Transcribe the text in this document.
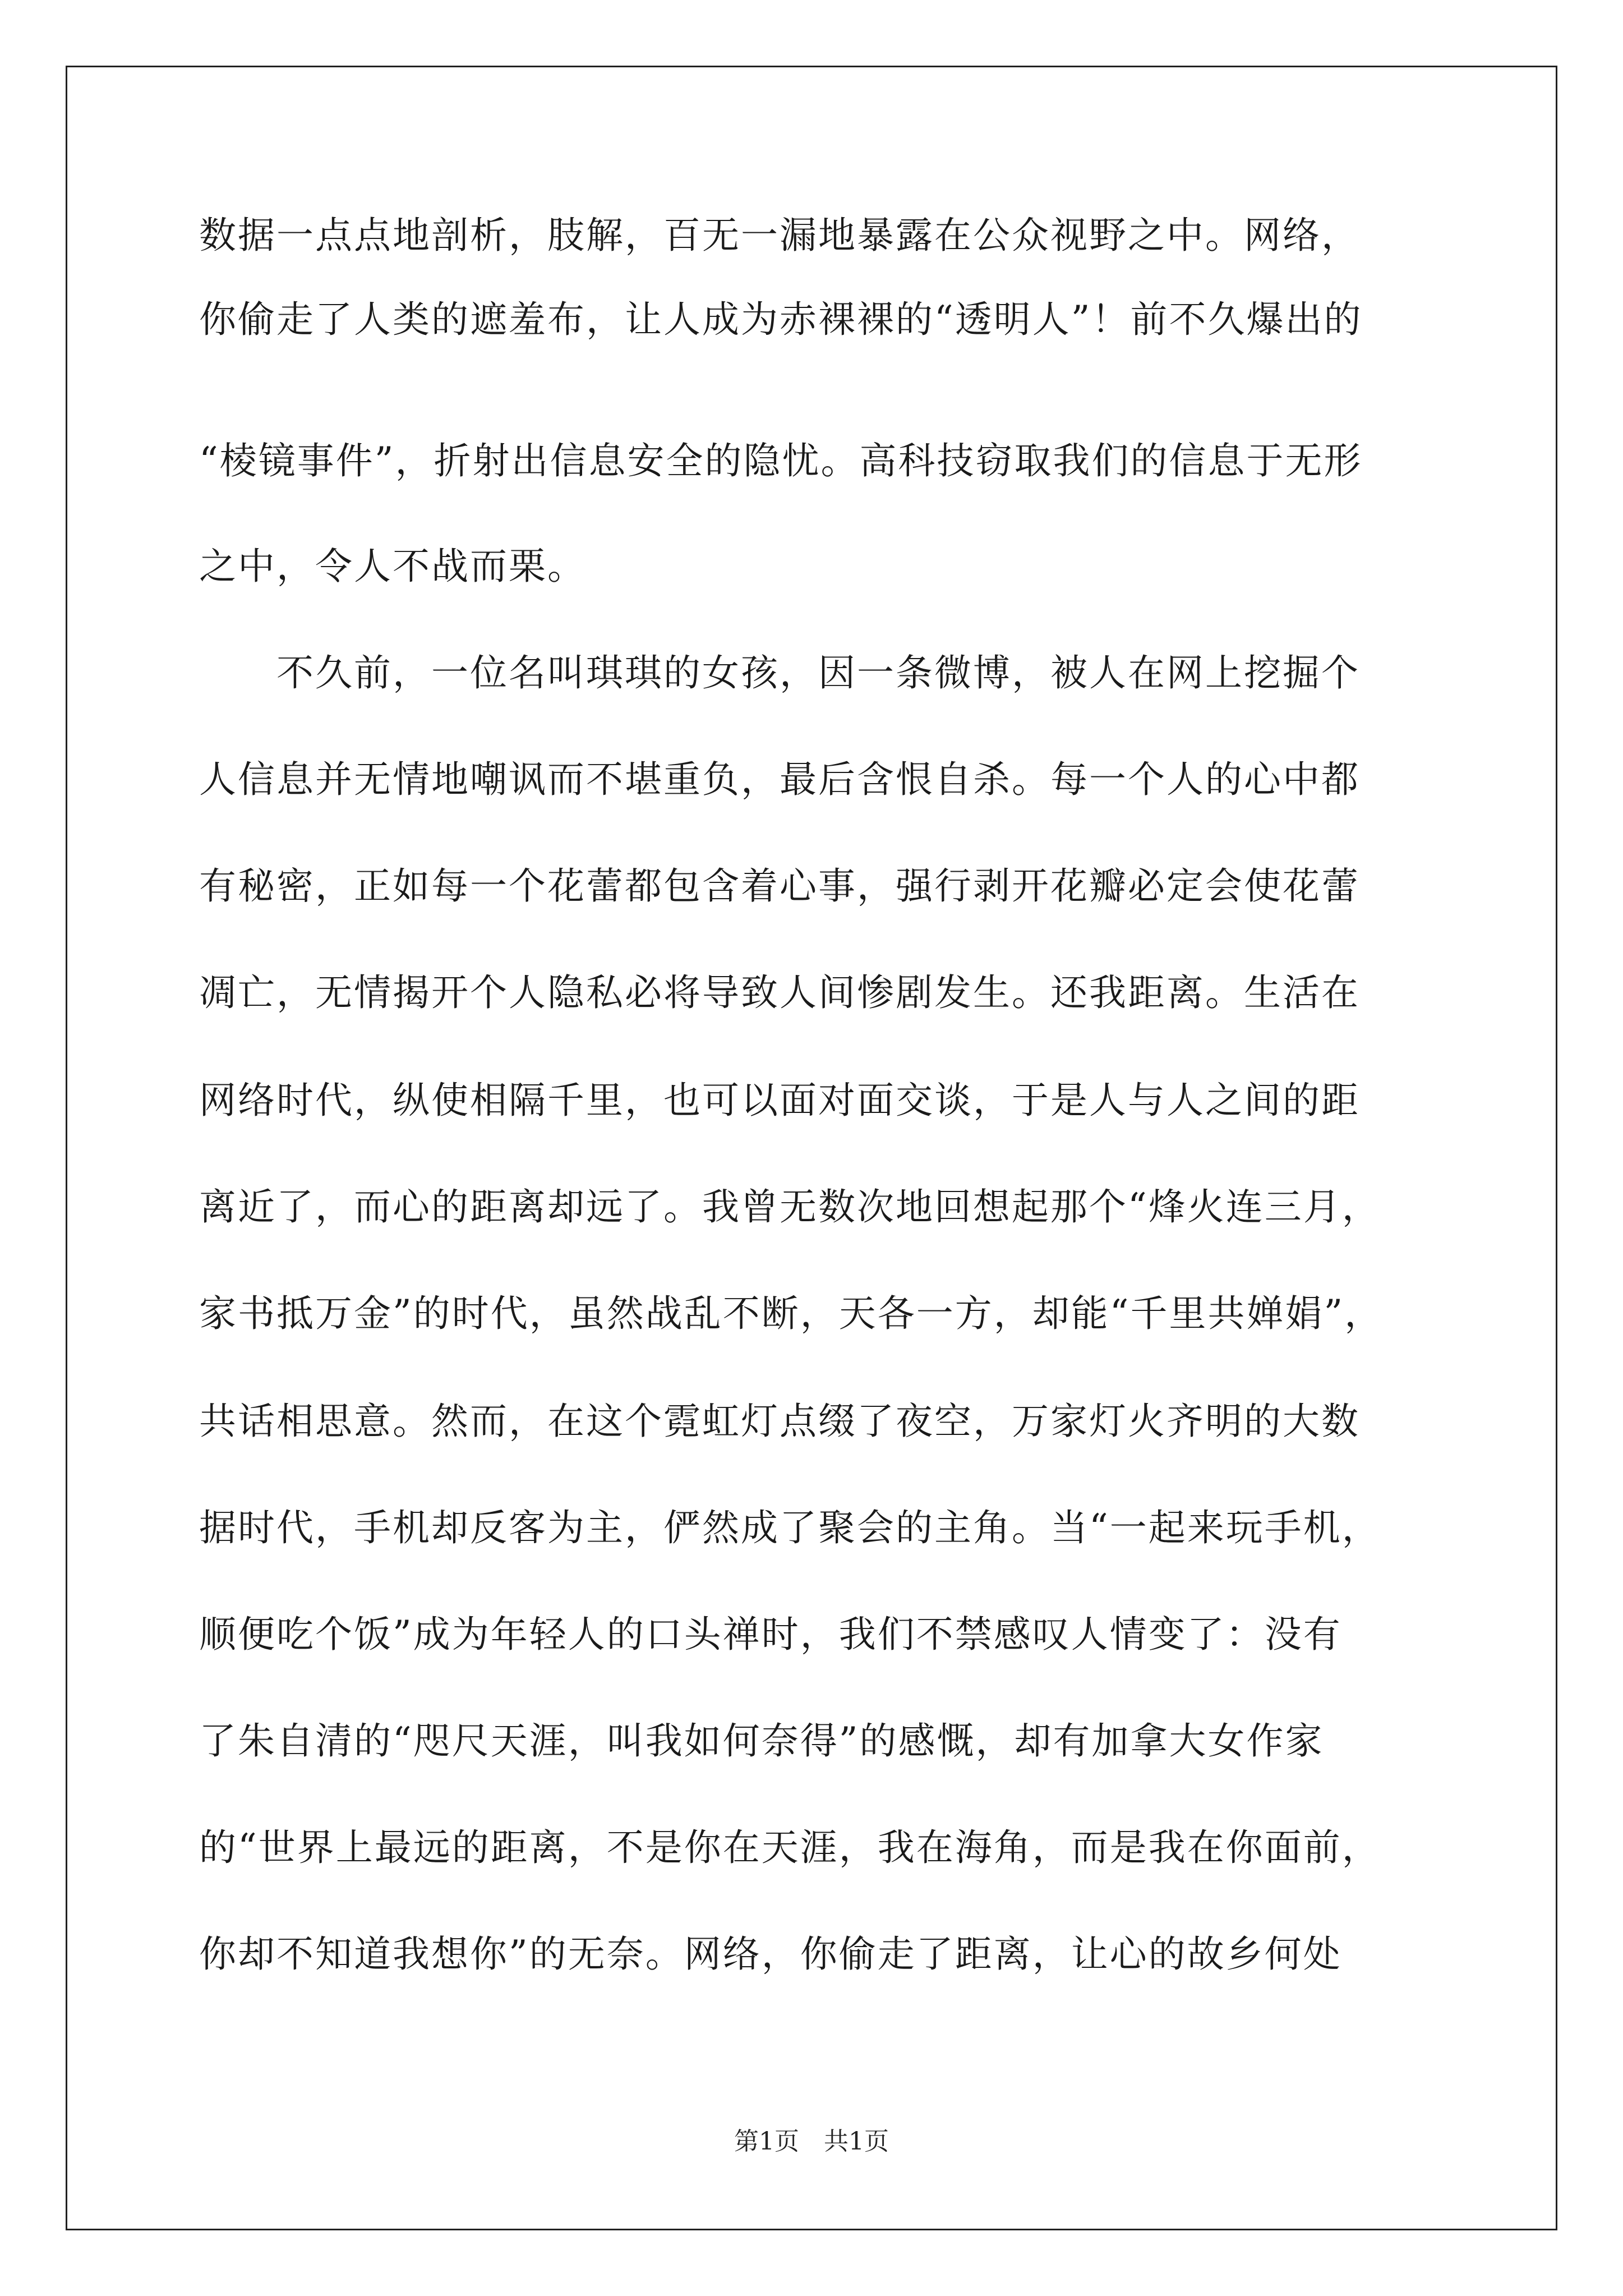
数据一点点地剖析，肢解，百无一漏地暴露在公众视野之中。网络，
你偷走了人类的遮羞布，让人成为赤裸裸的“透明人”！前不久爆出的
“棱镜事件”，折射出信息安全的隐忧。高科技窃取我们的信息于无形
之中，令人不战而栗。
　　不久前，一位名叫琪琪的女孩，因一条微博，被人在网上挖掘个
人信息并无情地嘲讽而不堪重负，最后含恨自杀。每一个人的心中都
有秘密，正如每一个花蕾都包含着心事，强行剥开花瓣必定会使花蕾
凋亡，无情揭开个人隐私必将导致人间惨剧发生。还我距离。生活在
网络时代，纵使相隔千里，也可以面对面交谈，于是人与人之间的距
离近了，而心的距离却远了。我曾无数次地回想起那个“烽火连三月，
家书抵万金”的时代，虽然战乱不断，天各一方，却能“千里共婵娟”，
共话相思意。然而，在这个霓虹灯点缀了夜空，万家灯火齐明的大数
据时代，手机却反客为主，俨然成了聚会的主角。当“一起来玩手机，
顺便吃个饭”成为年轻人的口头禅时，我们不禁感叹人情变了：没有
了朱自清的“咫尺天涯，叫我如何奈得”的感慨，却有加拿大女作家
的“世界上最远的距离，不是你在天涯，我在海角，而是我在你面前，
你却不知道我想你”的无奈。网络，你偷走了距离，让心的故乡何处
第1页　共1页
